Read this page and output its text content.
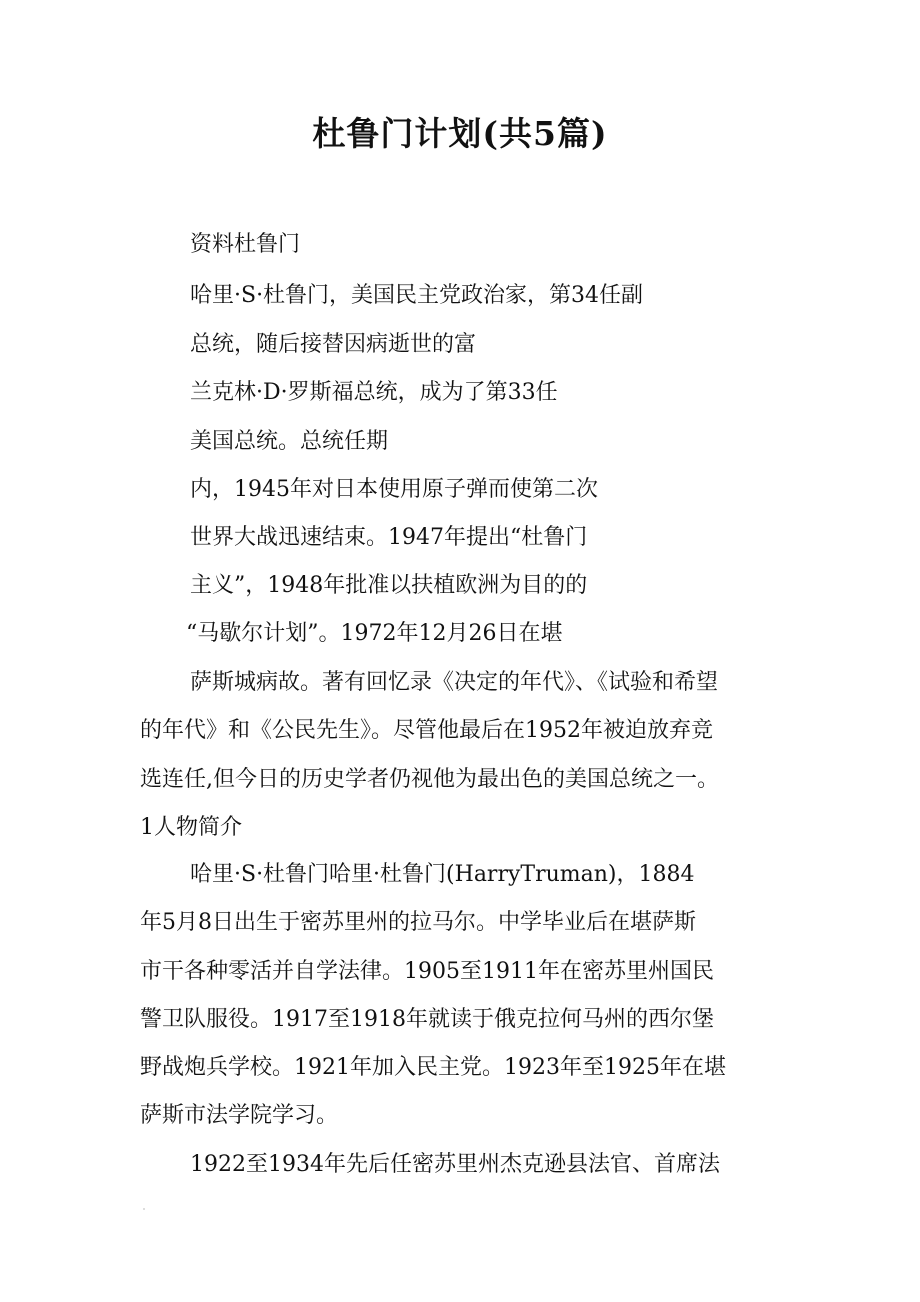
杜鲁门计划(共5篇)
资料杜鲁门
哈里·S·杜鲁门，美国民主党政治家，第34任副
总统，随后接替因病逝世的富
兰克林·D·罗斯福总统，成为了第33任
美国总统。总统任期
内，1945年对日本使用原子弹而使第二次
世界大战迅速结束。1947年提出“杜鲁门
主义”，1948年批准以扶植欧洲为目的的
“马歇尔计划”。1972年12月26日在堪
萨斯城病故。著有回忆录《决定的年代》、《试验和希望
的年代》和《公民先生》。尽管他最后在1952年被迫放弃竞
选连任,但今日的历史学者仍视他为最出色的美国总统之一。
1人物简介
哈里·S·杜鲁门哈里·杜鲁门(HarryTruman)，1884
年5月8日出生于密苏里州的拉马尔。中学毕业后在堪萨斯
市干各种零活并自学法律。1905至1911年在密苏里州国民
警卫队服役。1917至1918年就读于俄克拉何马州的西尔堡
野战炮兵学校。1921年加入民主党。1923年至1925年在堪
萨斯市法学院学习。
1922至1934年先后任密苏里州杰克逊县法官、首席法
